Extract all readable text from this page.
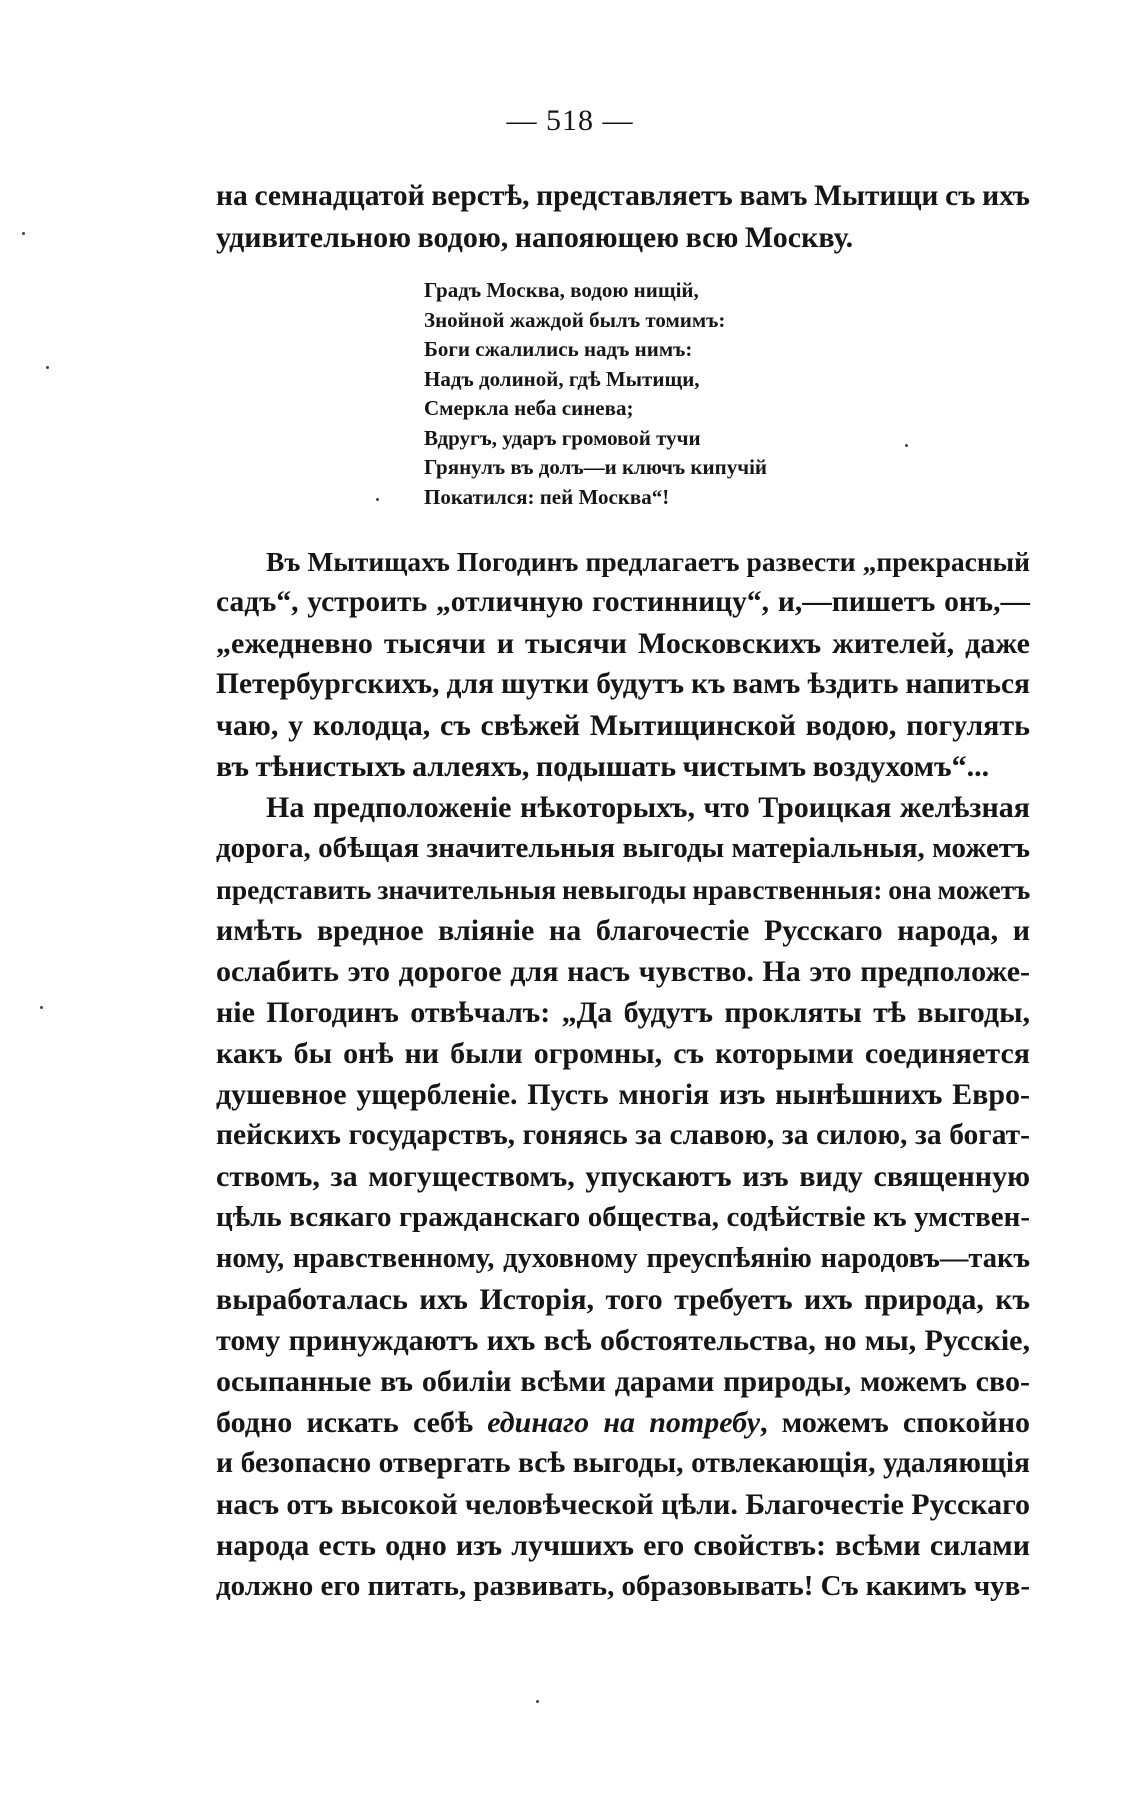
— 518 —
на семнадцатой верстѣ, представляетъ вамъ Мытищи съ ихъ
удивительною водою, напояющею всю Москву.
Градъ Москва, водою нищій,
Знойной жаждой былъ томимъ:
Боги сжалились надъ нимъ:
Надъ долиной, гдѣ Мытищи,
Смеркла неба синева;
Вдругъ, ударъ громовой тучи
Грянулъ въ долъ—и ключъ кипучій
Покатился: пей Москва“!
Въ Мытищахъ Погодинъ предлагаетъ развести „прекрасный
садъ“, устроить „отличную гостинницу“, и,—пишетъ онъ,—
„ежедневно тысячи и тысячи Московскихъ жителей, даже
Петербургскихъ, для шутки будутъ къ вамъ ѣздить напиться
чаю, у колодца, съ свѣжей Мытищинской водою, погулять
въ тѣнистыхъ аллеяхъ, подышать чистымъ воздухомъ“...
На предположеніе нѣкоторыхъ, что Троицкая желѣзная
дорога, обѣщая значительныя выгоды матеріальныя, можетъ
представить значительныя невыгоды нравственныя: она можетъ
имѣть вредное вліяніе на благочестіе Русскаго народа, и
ослабить это дорогое для насъ чувство. На это предположе-
ніе Погодинъ отвѣчалъ: „Да будутъ прокляты тѣ выгоды,
какъ бы онѣ ни были огромны, съ которыми соединяется
душевное ущербленіе. Пусть многія изъ нынѣшнихъ Евро-
пейскихъ государствъ, гоняясь за славою, за силою, за богат-
ствомъ, за могуществомъ, упускаютъ изъ виду священную
цѣль всякаго гражданскаго общества, содѣйствіе къ умствен-
ному, нравственному, духовному преуспѣянію народовъ—такъ
выработалась ихъ Исторія, того требуетъ ихъ природа, къ
тому принуждаютъ ихъ всѣ обстоятельства, но мы, Русскіе,
осыпанные въ обиліи всѣми дарами природы, можемъ сво-
бодно искать себѣ единаго на потребу, можемъ спокойно
и безопасно отвергать всѣ выгоды, отвлекающія, удаляющія
насъ отъ высокой человѣческой цѣли. Благочестіе Русскаго
народа есть одно изъ лучшихъ его свойствъ: всѣми силами
должно его питать, развивать, образовывать! Съ какимъ чув-
